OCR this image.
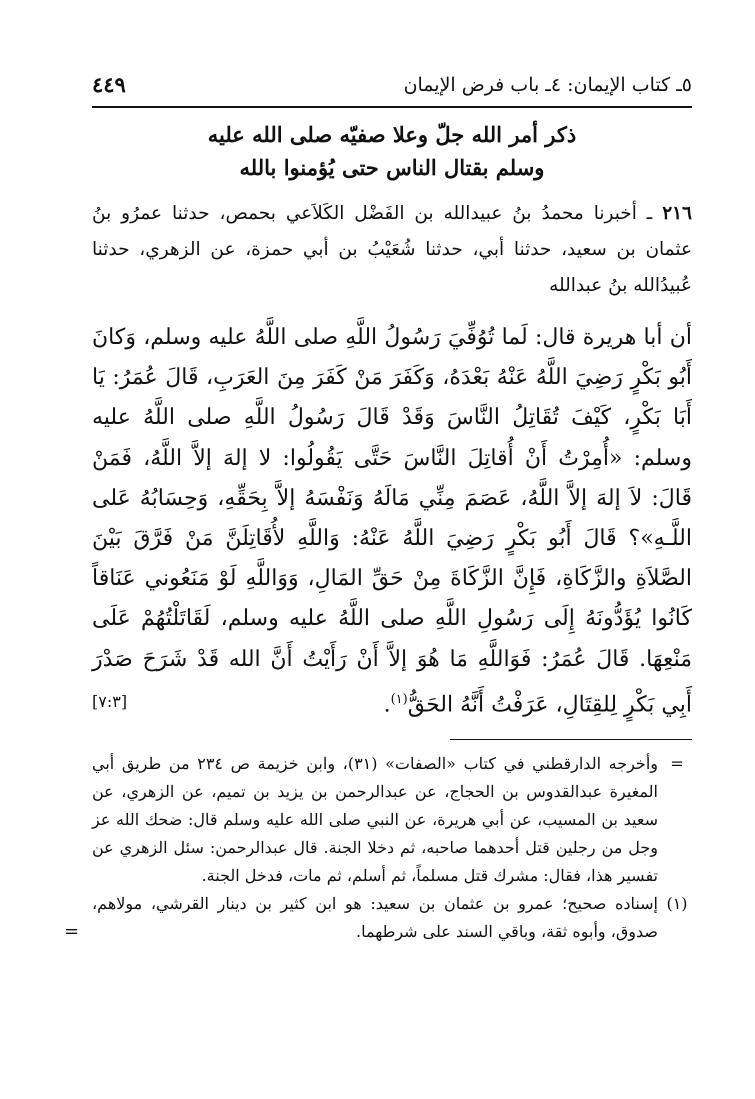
٥ـ كتاب الإيمان: ٤ـ باب فرض الإيمان
٤٤٩
ذكر أمر الله جلّ وعلا صفيّه صلى الله عليه
وسلم بقتال الناس حتى يُؤمنوا بالله
٢١٦ ـ أخبرنا محمدُ بنُ عبيدالله بن الفَضْل الكَلاَعي بحمص، حدثنا عمرُو بنُ عثمان بن سعيد، حدثنا أبي، حدثنا شُعَيْبُ بن أبي حمزة، عن الزهري، حدثنا عُبيدُالله بنُ عبدالله
أن أبا هريرة قال: لَما تُوُفِّيَ رَسُولُ اللَّهِ صلى اللَّهُ عليه وسلم، وَكانَ أَبُو بَكْرٍ رَضِيَ اللَّهُ عَنْهُ بَعْدَهُ، وَكَفَرَ مَنْ كَفَرَ مِنَ العَرَبِ، قَالَ عُمَرُ: يَا أَبَا بَكْرٍ، كَيْفَ تُقَاتِلُ النَّاسَ وَقَدْ قَالَ رَسُولُ اللَّهِ صلى اللَّهُ عليه وسلم: «أُمِرْتُ أَنْ أُقاتِلَ النَّاسَ حَتَّى يَقُولُوا: لا إلهَ إلاَّ اللَّهُ، فَمَنْ قَالَ: لاَ إلهَ إلاَّ اللَّهُ، عَصَمَ مِنِّي مَالَهُ وَنَفْسَهُ إلاَّ بِحَقِّهِ، وَحِسَابُهُ عَلى اللَّـهِ»؟ قَالَ أَبُو بَكْرٍ رَضِيَ اللَّهُ عَنْهُ: وَاللَّهِ لأُقَاتِلَنَّ مَنْ فَرَّقَ بَيْنَ الصَّلاَةِ والزَّكَاةِ، فَإِنَّ الزَّكَاةَ مِنْ حَقِّ المَالِ، وَوَاللَّهِ لَوْ مَنَعُوني عَنَاقاً كَانُوا يُؤَدُّونَهُ إِلَى رَسُولِ اللَّهِ صلى اللَّهُ عليه وسلم، لَقَاتَلْتُهُمْ عَلَى مَنْعِهَا. قَالَ عُمَرُ: فَوَاللَّهِ مَا هُوَ إلاَّ أَنْ رَأَيْتُ أَنَّ الله قَدْ شَرَحَ صَدْرَ أَبِي بَكْرٍ لِلقِتَالِ، عَرَفْتُ أَنَّهُ الحَقُّ$^{(١)}$.
[٧:٣]
=
وأخرجه الدارقطني في كتاب «الصفات» (٣١)، وابن خزيمة ص ٢٣٤ من طريق أبي المغيرة عبدالقدوس بن الحجاج، عن عبدالرحمن بن يزيد بن تميم، عن الزهري، عن سعيد بن المسيب، عن أبي هريرة، عن النبي صلى الله عليه وسلم قال: ضحك الله عز وجل من رجلين قتل أحدهما صاحبه، ثم دخلا الجنة. قال عبدالرحمن: سئل الزهري عن تفسير هذا، فقال: مشرك قتل مسلماً، ثم أسلم، ثم مات، فدخل الجنة.
(١)
إسناده صحيح؛ عمرو بن عثمان بن سعيد: هو ابن كثير بن دينار القرشي، مولاهم، صدوق، وأبوه ثقة، وباقي السند على شرطهما.
=
